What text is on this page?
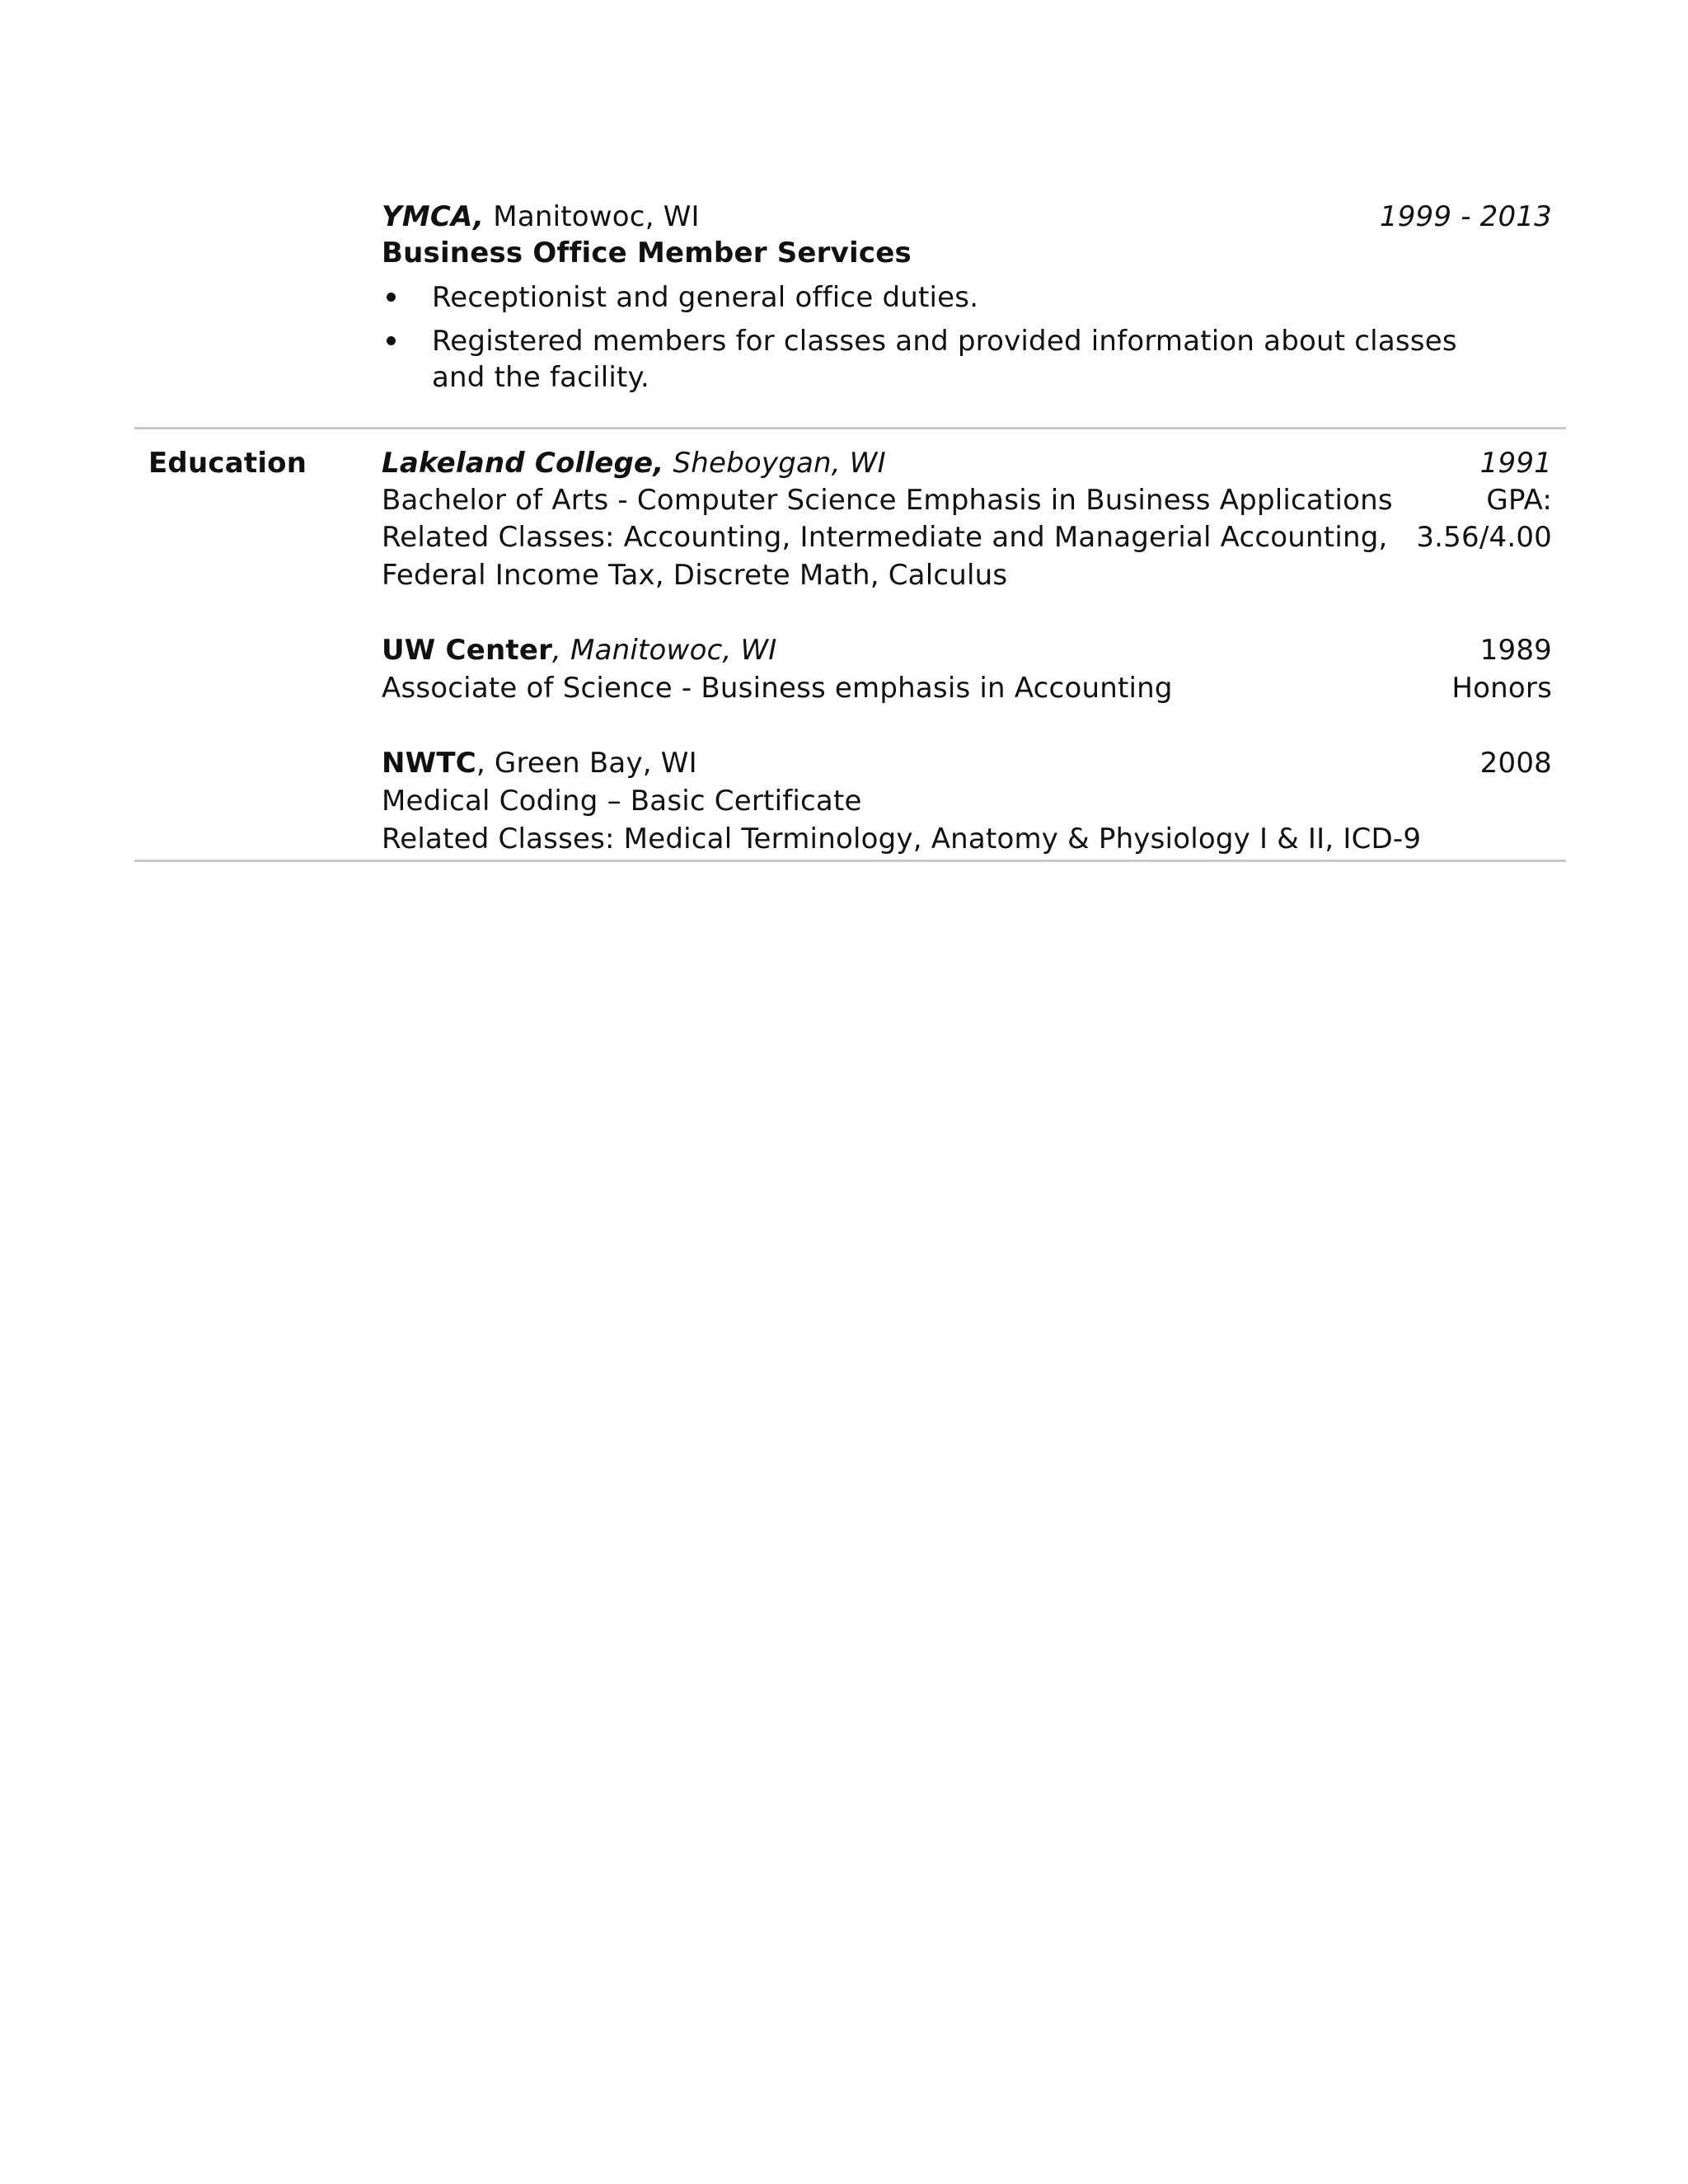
YMCA, Manitowoc, WI	1999 - 2013
Business Office Member Services
Receptionist and general office duties.
Registered members for classes and provided information about classes
and the facility.
Education	Lakeland College, Sheboygan, WI	1991
Bachelor of Arts - Computer Science Emphasis in Business Applications	GPA:
Related Classes: Accounting, Intermediate and Managerial Accounting, 3.56/4.00
Federal Income Tax, Discrete Math, Calculus
UW Center, Manitowoc, WI	1989
Associate of Science - Business emphasis in Accounting	Honors
NWTC, Green Bay, WI	2008
Medical Coding – Basic Certificate
Related Classes: Medical Terminology, Anatomy & Physiology I & II, ICD-9
